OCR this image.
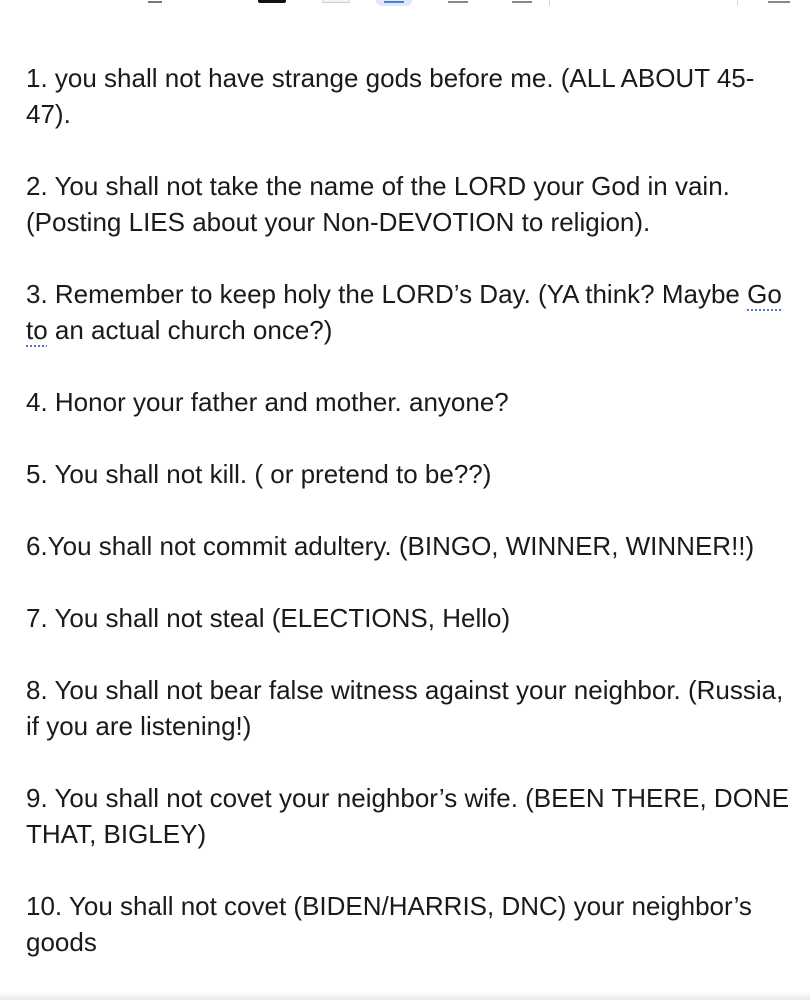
1. you shall not have strange gods before me. (ALL ABOUT 45-47).

2. You shall not take the name of the LORD your God in vain. (Posting LIES about your Non-DEVOTION to religion).

3. Remember to keep holy the LORD’s Day. (YA think? Maybe Go to an actual church once?)

4. Honor your father and mother. anyone?

5. You shall not kill. ( or pretend to be??)

6.You shall not commit adultery. (BINGO, WINNER, WINNER!!)

7. You shall not steal (ELECTIONS, Hello)

8. You shall not bear false witness against your neighbor. (Russia, if you are listening!)

9. You shall not covet your neighbor’s wife. (BEEN THERE, DONE THAT, BIGLEY)

10. You shall not covet (BIDEN/HARRIS, DNC) your neighbor’s goods
